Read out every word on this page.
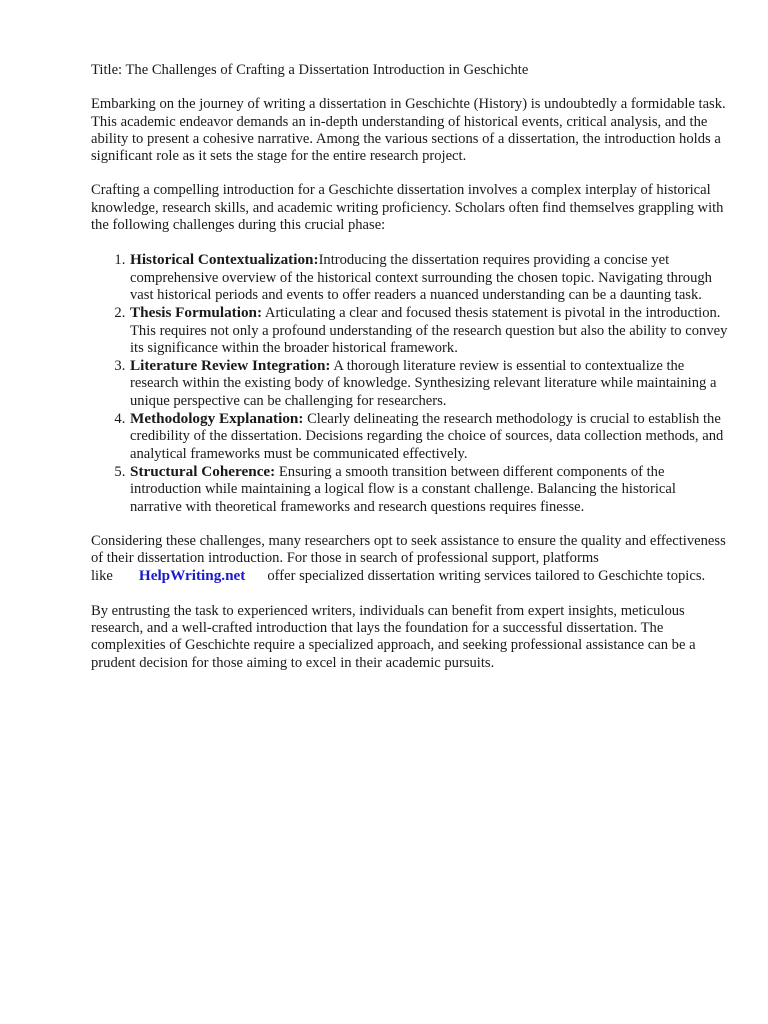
Title: The Challenges of Crafting a Dissertation Introduction in Geschichte

Embarking on the journey of writing a dissertation in Geschichte (History) is undoubtedly a formidable task. This academic endeavor demands an in-depth understanding of historical events, critical analysis, and the ability to present a cohesive narrative. Among the various sections of a dissertation, the introduction holds a significant role as it sets the stage for the entire research project.

Crafting a compelling introduction for a Geschichte dissertation involves a complex interplay of historical knowledge, research skills, and academic writing proficiency. Scholars often find themselves grappling with the following challenges during this crucial phase:

1. Historical Contextualization:Introducing the dissertation requires providing a concise yet comprehensive overview of the historical context surrounding the chosen topic. Navigating through vast historical periods and events to offer readers a nuanced understanding can be a daunting task.
2. Thesis Formulation: Articulating a clear and focused thesis statement is pivotal in the introduction. This requires not only a profound understanding of the research question but also the ability to convey its significance within the broader historical framework.
3. Literature Review Integration: A thorough literature review is essential to contextualize the research within the existing body of knowledge. Synthesizing relevant literature while maintaining a unique perspective can be challenging for researchers.
4. Methodology Explanation: Clearly delineating the research methodology is crucial to establish the credibility of the dissertation. Decisions regarding the choice of sources, data collection methods, and analytical frameworks must be communicated effectively.
5. Structural Coherence: Ensuring a smooth transition between different components of the introduction while maintaining a logical flow is a constant challenge. Balancing the historical narrative with theoretical frameworks and research questions requires finesse.

Considering these challenges, many researchers opt to seek assistance to ensure the quality and effectiveness of their dissertation introduction. For those in search of professional support, platforms like HelpWriting.net offer specialized dissertation writing services tailored to Geschichte topics.

By entrusting the task to experienced writers, individuals can benefit from expert insights, meticulous research, and a well-crafted introduction that lays the foundation for a successful dissertation. The complexities of Geschichte require a specialized approach, and seeking professional assistance can be a prudent decision for those aiming to excel in their academic pursuits.
